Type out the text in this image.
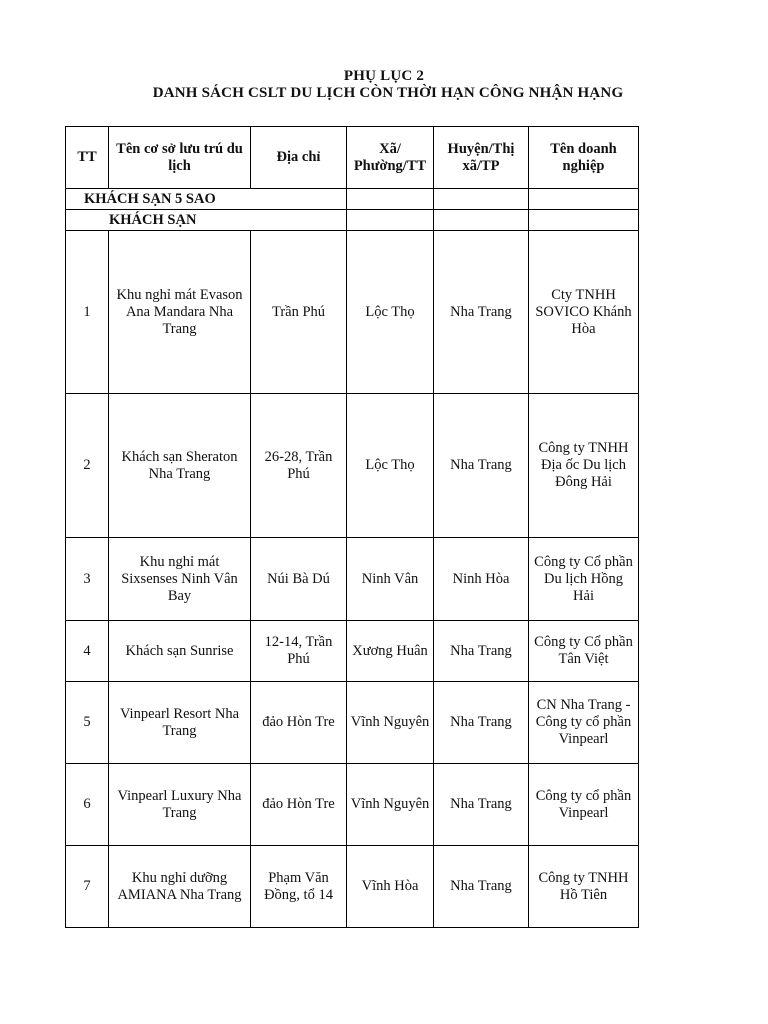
PHỤ LỤC 2
DANH SÁCH CSLT DU LỊCH CÒN THỜI HẠN CÔNG NHẬN HẠNG
TT	Tên cơ sở lưu trú du lịch	Địa chỉ	Xã/ Phường/TT	Huyện/Thị xã/TP	Tên doanh nghiệp
KHÁCH SẠN 5 SAO					
KHÁCH SẠN					
1	Khu nghỉ mát Evason Ana Mandara Nha Trang	Trần Phú	Lộc Thọ	Nha Trang	Cty TNHH SOVICO Khánh Hòa
2	Khách sạn Sheraton Nha Trang	26-28, Trần Phú	Lộc Thọ	Nha Trang	Công ty TNHH Địa ốc Du lịch Đông Hải
3	Khu nghỉ mát Sixsenses Ninh Vân Bay	Núi Bà Dú	Ninh Vân	Ninh Hòa	Công ty Cổ phần Du lịch Hồng Hải
4	Khách sạn Sunrise	12-14, Trần Phú	Xương Huân	Nha Trang	Công ty Cổ phần Tân Việt
5	Vinpearl Resort Nha Trang	đảo Hòn Tre	Vĩnh Nguyên	Nha Trang	CN Nha Trang - Công ty cổ phần Vinpearl
6	Vinpearl Luxury Nha Trang	đảo Hòn Tre	Vĩnh Nguyên	Nha Trang	Công ty cổ phần Vinpearl
7	Khu nghỉ dưỡng AMIANA Nha Trang	Phạm Văn Đồng, tổ 14	Vĩnh Hòa	Nha Trang	Công ty TNHH Hồ Tiên
